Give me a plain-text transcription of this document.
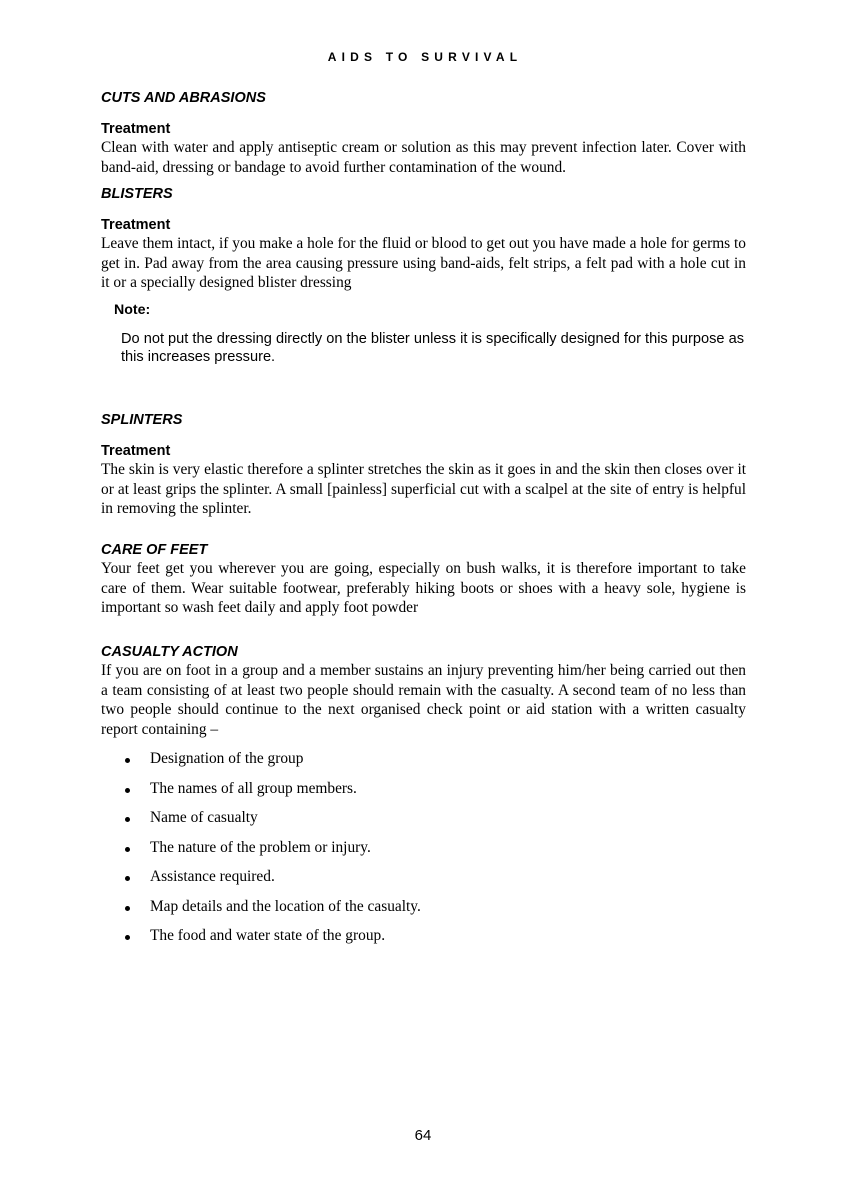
AIDS TO SURVIVAL
CUTS AND ABRASIONS
Treatment

Clean with water and apply antiseptic cream or solution as this may prevent infection later. Cover with band-aid, dressing or bandage to avoid further contamination of the wound.

BLISTERS
Treatment

Leave them intact, if you make a hole for the fluid or blood to get out you have made a hole for germs to get in. Pad away from the area causing pressure using band-aids, felt strips, a felt pad with a hole cut in it or a specially designed blister dressing

Note:

Do not put the dressing directly on the blister unless it is specifically designed for this purpose as this increases pressure.

SPLINTERS
Treatment

The skin is very elastic therefore a splinter stretches the skin as it goes in and the skin then closes over it or at least grips the splinter. A small [painless] superficial cut with a scalpel at the site of entry is helpful in removing the splinter.

CARE OF FEET

Your feet get you wherever you are going, especially on bush walks, it is therefore important to take care of them. Wear suitable footwear, preferably hiking boots or shoes with a heavy sole, hygiene is important so wash feet daily and apply foot powder

CASUALTY ACTION

If you are on foot in a group and a member sustains an injury preventing him/her being carried out then a team consisting of at least two people should remain with the casualty. A second team of no less than two people should continue to the next organised check point or aid station with a written casualty report containing –

Designation of the group
The names of all group members.
Name of casualty
The nature of the problem or injury.
Assistance required.
Map details and the location of the casualty.
The food and water state of the group.
64
